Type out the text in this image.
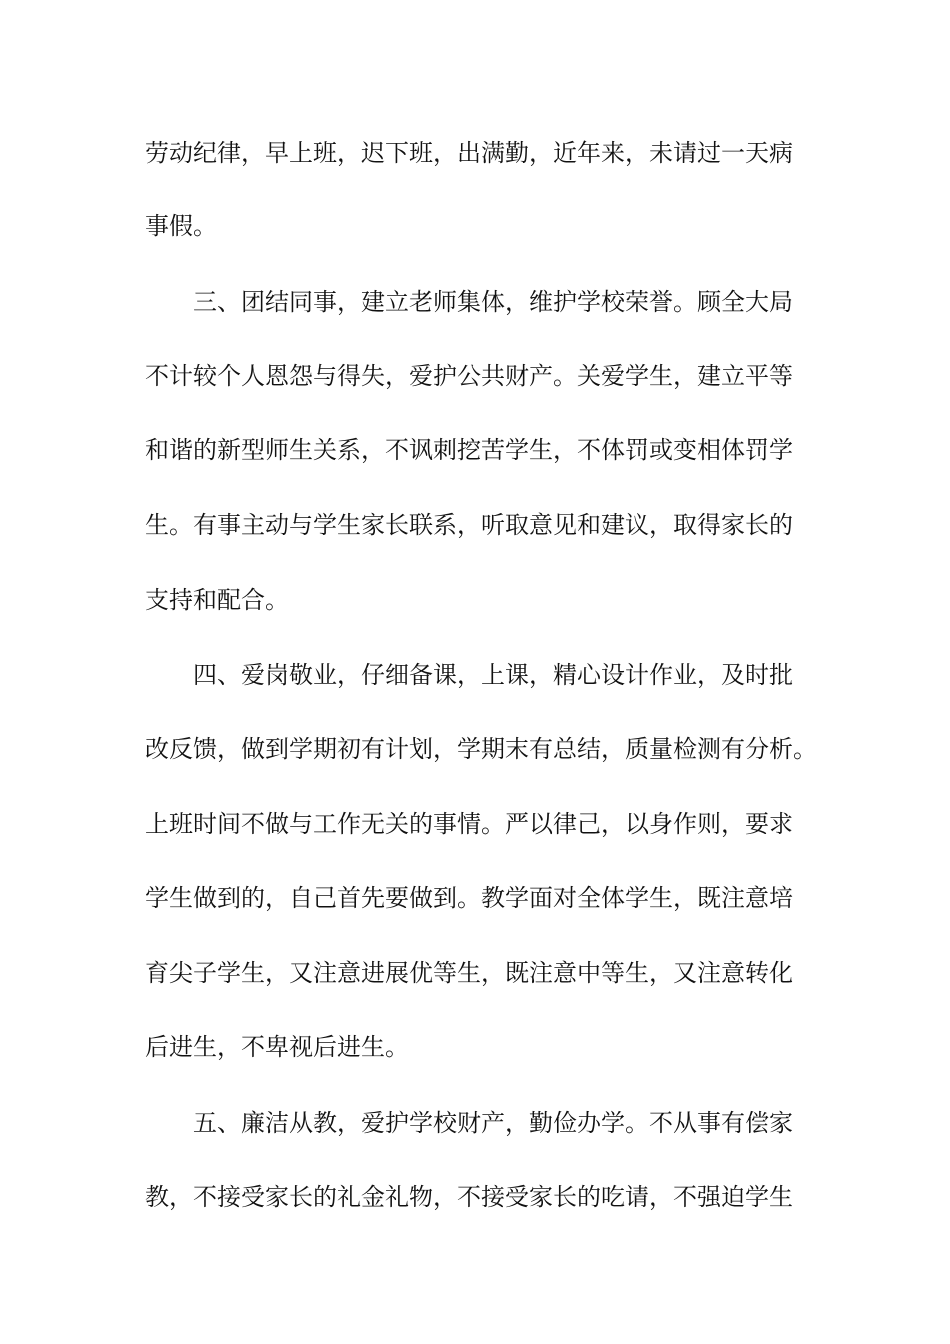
劳动纪律，早上班，迟下班，出满勤，近年来，未请过一天病
事假。
三、团结同事，建立老师集体，维护学校荣誉。顾全大局
不计较个人恩怨与得失，爱护公共财产。关爱学生，建立平等
和谐的新型师生关系，不讽刺挖苦学生，不体罚或变相体罚学
生。有事主动与学生家长联系，听取意见和建议，取得家长的
支持和配合。
四、爱岗敬业，仔细备课，上课，精心设计作业，及时批
改反馈，做到学期初有计划，学期末有总结，质量检测有分析。
上班时间不做与工作无关的事情。严以律己，以身作则，要求
学生做到的，自己首先要做到。教学面对全体学生，既注意培
育尖子学生，又注意进展优等生，既注意中等生，又注意转化
后进生，不卑视后进生。
五、廉洁从教，爱护学校财产，勤俭办学。不从事有偿家
教，不接受家长的礼金礼物，不接受家长的吃请，不强迫学生
